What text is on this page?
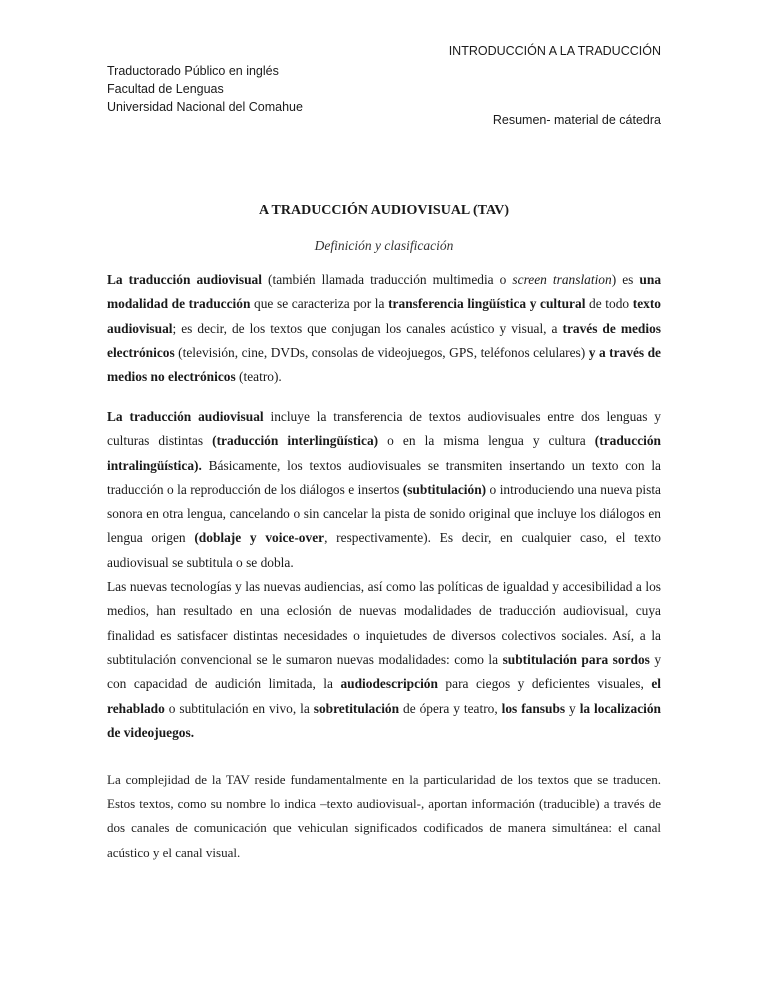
INTRODUCCIÓN A LA TRADUCCIÓN
Traductorado Público en inglés
Facultad de Lenguas
Universidad Nacional del Comahue
Resumen- material de cátedra
A TRADUCCIÓN AUDIOVISUAL (TAV)
Definición y clasificación

La traducción audiovisual (también llamada traducción multimedia o screen translation) es una modalidad de traducción que se caracteriza por la transferencia lingüística y cultural de todo texto audiovisual; es decir, de los textos que conjugan los canales acústico y visual, a través de medios electrónicos (televisión, cine, DVDs, consolas de videojuegos, GPS, teléfonos celulares) y a través de medios no electrónicos (teatro).

La traducción audiovisual incluye la transferencia de textos audiovisuales entre dos lenguas y culturas distintas (traducción interlingüística) o en la misma lengua y cultura (traducción intralingüística). Básicamente, los textos audiovisuales se transmiten insertando un texto con la traducción o la reproducción de los diálogos e insertos (subtitulación) o introduciendo una nueva pista sonora en otra lengua, cancelando o sin cancelar la pista de sonido original que incluye los diálogos en lengua origen (doblaje y voice-over, respectivamente). Es decir, en cualquier caso, el texto audiovisual se subtitula o se dobla.

Las nuevas tecnologías y las nuevas audiencias, así como las políticas de igualdad y accesibilidad a los medios, han resultado en una eclosión de nuevas modalidades de traducción audiovisual, cuya finalidad es satisfacer distintas necesidades o inquietudes de diversos colectivos sociales. Así, a la subtitulación convencional se le sumaron nuevas modalidades: como la subtitulación para sordos y con capacidad de audición limitada, la audiodescripción para ciegos y deficientes visuales, el rehablado o subtitulación en vivo, la sobretitulación de ópera y teatro, los fansubs y la localización de videojuegos.

La complejidad de la TAV reside fundamentalmente en la particularidad de los textos que se traducen. Estos textos, como su nombre lo indica –texto audiovisual-, aportan información (traducible) a través de dos canales de comunicación que vehiculan significados codificados de manera simultánea: el canal acústico y el canal visual.
